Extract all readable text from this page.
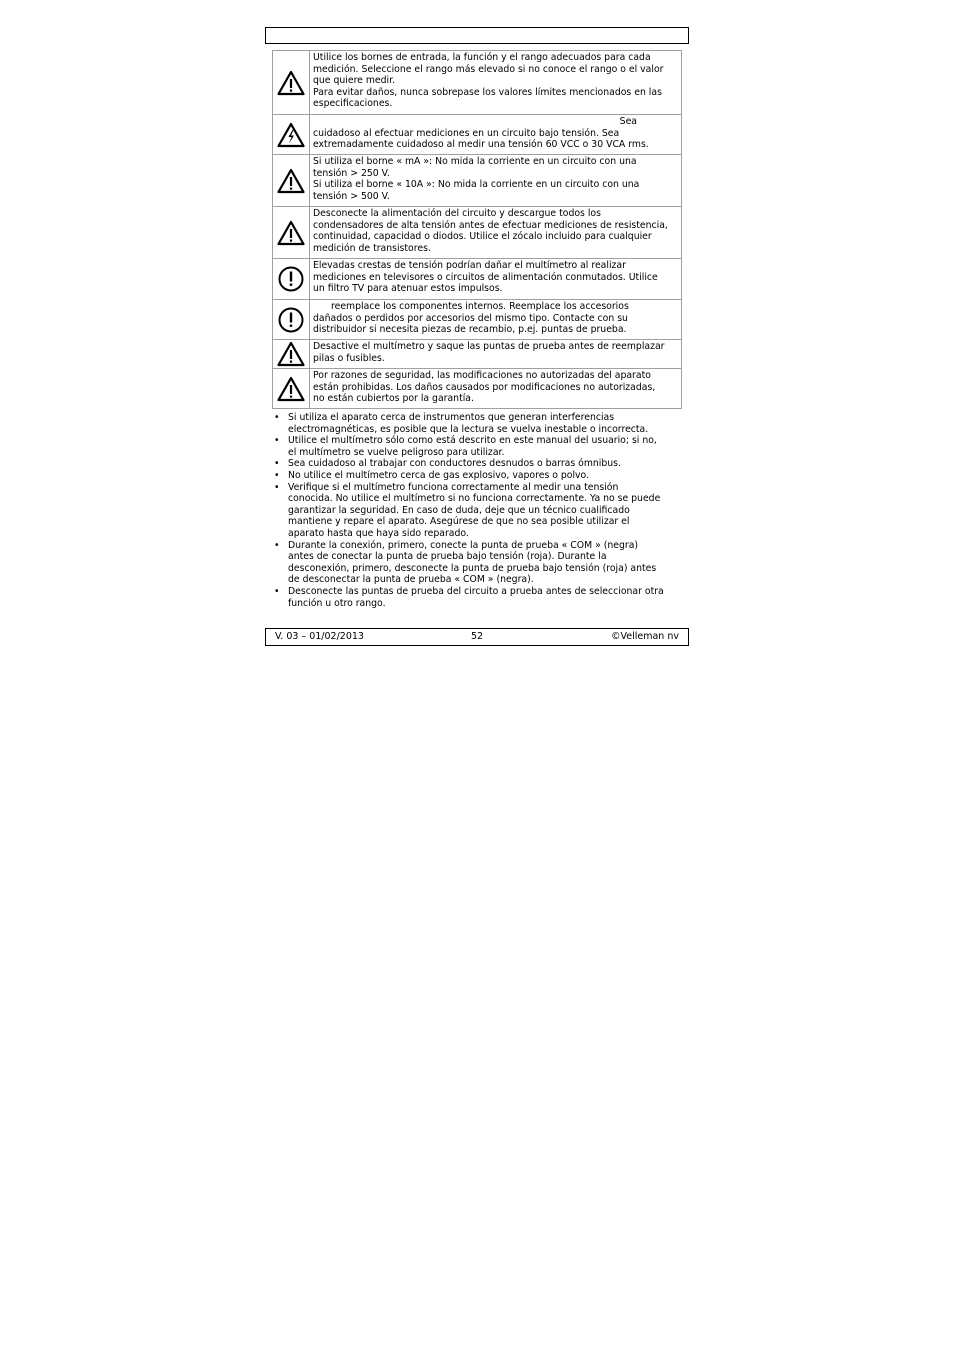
Utilice los bornes de entrada, la función y el rango adecuados para cada
medición. Seleccione el rango más elevado si no conoce el rango o el valor
que quiere medir.
Para evitar daños, nunca sobrepase los valores límites mencionados en las
especificaciones.

Sea
cuidadoso al efectuar mediciones en un circuito bajo tensión. Sea
extremadamente cuidadoso al medir una tensión 60 VCC o 30 VCA rms.

Si utiliza el borne « mA »: No mida la corriente en un circuito con una
tensión > 250 V.
Si utiliza el borne « 10A »: No mida la corriente en un circuito con una
tensión > 500 V.

Desconecte la alimentación del circuito y descargue todos los
condensadores de alta tensión antes de efectuar mediciones de resistencia,
continuidad, capacidad o diodos. Utilice el zócalo incluido para cualquier
medición de transistores.

Elevadas crestas de tensión podrían dañar el multímetro al realizar
mediciones en televisores o circuitos de alimentación conmutados. Utilice
un filtro TV para atenuar estos impulsos.

reemplace los componentes internos. Reemplace los accesorios
dañados o perdidos por accesorios del mismo tipo. Contacte con su
distribuidor si necesita piezas de recambio, p.ej. puntas de prueba.

Desactive el multímetro y saque las puntas de prueba antes de reemplazar
pilas o fusibles.

Por razones de seguridad, las modificaciones no autorizadas del aparato
están prohibidas. Los daños causados por modificaciones no autorizadas,
no están cubiertos por la garantía.
• Si utiliza el aparato cerca de instrumentos que generan interferencias
electromagnéticas, es posible que la lectura se vuelva inestable o incorrecta.
• Utilice el multímetro sólo como está descrito en este manual del usuario; si no,
el multímetro se vuelve peligroso para utilizar.
• Sea cuidadoso al trabajar con conductores desnudos o barras ómnibus.
• No utilice el multímetro cerca de gas explosivo, vapores o polvo.
• Verifique si el multímetro funciona correctamente al medir una tensión
conocida. No utilice el multímetro si no funciona correctamente. Ya no se puede
garantizar la seguridad. En caso de duda, deje que un técnico cualificado
mantiene y repare el aparato. Asegúrese de que no sea posible utilizar el
aparato hasta que haya sido reparado.
• Durante la conexión, primero, conecte la punta de prueba « COM » (negra)
antes de conectar la punta de prueba bajo tensión (roja). Durante la
desconexión, primero, desconecte la punta de prueba bajo tensión (roja) antes
de desconectar la punta de prueba « COM » (negra).
• Desconecte las puntas de prueba del circuito a prueba antes de seleccionar otra
función u otro rango.
52
V. 03 – 01/02/2013	©Velleman nv
